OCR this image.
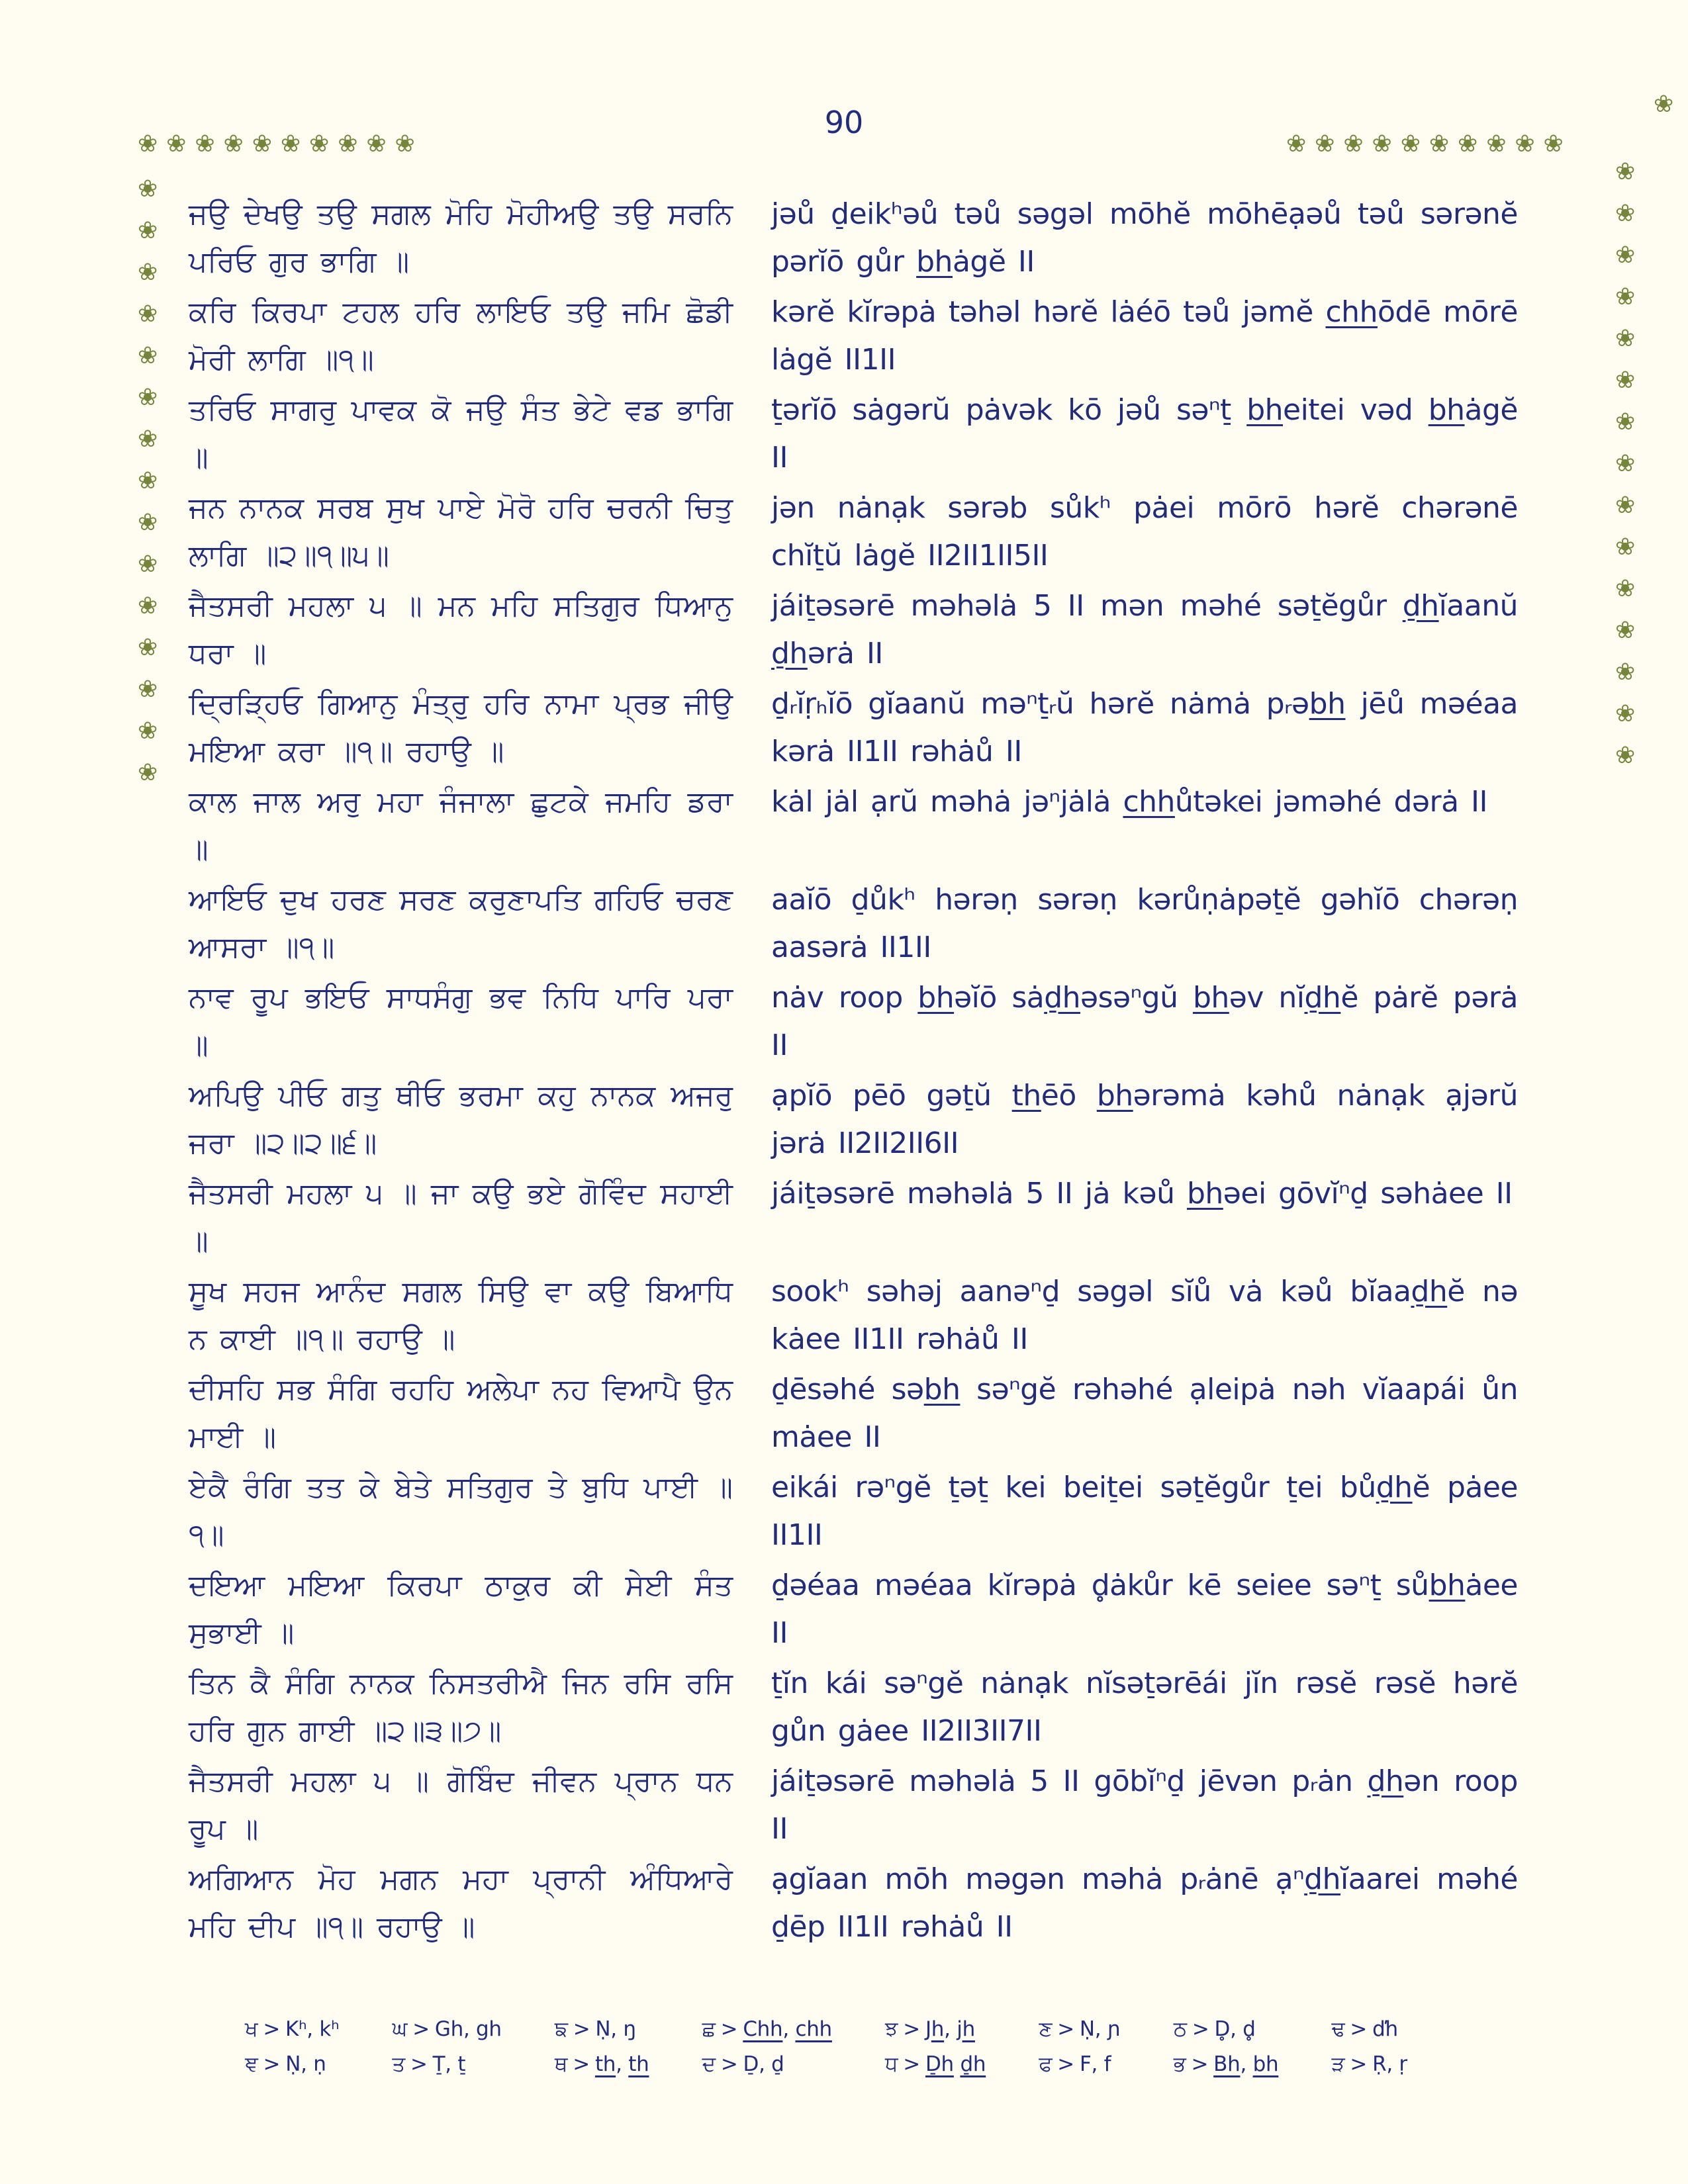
❀ ❀ ❀ ❀ ❀ ❀ ❀ ❀ ❀ ❀	❀ ❀ ❀ ❀ ❀ ❀ ❀ ❀ ❀ ❀
❀
❀
❀
❀
❀
❀
❀
❀
❀
❀
❀
❀
❀
❀
❀
❀
❀
❀
❀
❀
❀
❀
❀
❀
❀
❀
❀
❀
❀
❀
❀
90
ਜਉ ਦੇਖਉ ਤਉ ਸਗਲ ਮੋਹਿ ਮੋਹੀਅਉ ਤਉ ਸਰਨਿ ਪਰਿਓ ਗੁਰ ਭਾਗਿ ॥
jəů d̠eikʰəů təů səgəl mōhĕ mōhēạəů təů sərənĕ pərĭō gůr bhȧgĕ II
ਕਰਿ ਕਿਰਪਾ ਟਹਲ ਹਰਿ ਲਾਇਓ ਤਉ ਜਮਿ ਛੋਡੀ ਮੋਰੀ ਲਾਗਿ ॥੧॥
kərĕ kĭrəpȧ təhəl hərĕ lȧéō təů jəmĕ chhōdē mōrē lȧgĕ II1II
ਤਰਿਓ ਸਾਗਰੁ ਪਾਵਕ ਕੋ ਜਉ ਸੰਤ ਭੇਟੇ ਵਡ ਭਾਗਿ ॥
t̠ərĭō sȧgərŭ pȧvək kō jəů səⁿt̠ bheitei vəd bhȧgĕ II
ਜਨ ਨਾਨਕ ਸਰਬ ਸੁਖ ਪਾਏ ਮੋਰੋ ਹਰਿ ਚਰਨੀ ਚਿਤੁ ਲਾਗਿ ॥੨॥੧॥੫॥
jən nȧnạk sərəb sůkʰ pȧei mōrō hərĕ chərənē chĭt̠ŭ lȧgĕ II2II1II5II
ਜੈਤਸਰੀ ਮਹਲਾ ੫ ॥ ਮਨ ਮਹਿ ਸਤਿਗੁਰ ਧਿਆਨੁ ਧਰਾ ॥
jáit̠əsərē məhəlȧ 5 II mən məhé sət̠ĕgůr d̠hĭaanŭ d̠hərȧ II
ਦ੍ਰਿੜ੍ਹਿਓ ਗਿਆਨੁ ਮੰਤ੍ਰੁ ਹਰਿ ਨਾਮਾ ਪ੍ਰਭ ਜੀਉ ਮਇਆ ਕਰਾ ॥੧॥ ਰਹਾਉ ॥
d̠ᵣĭṛₕĭō gĭaanŭ məⁿt̠ᵣŭ hərĕ nȧmȧ pᵣəbh jēů məéaa kərȧ II1II rəhȧů II
ਕਾਲ ਜਾਲ ਅਰੁ ਮਹਾ ਜੰਜਾਲਾ ਛੁਟਕੇ ਜਮਹਿ ਡਰਾ ॥
kȧl jȧl ạrŭ məhȧ jəⁿjȧlȧ chhůtəkei jəməhé dərȧ II
ਆਇਓ ਦੁਖ ਹਰਣ ਸਰਣ ਕਰੁਣਾਪਤਿ ਗਹਿਓ ਚਰਣ ਆਸਰਾ ॥੧॥
aaĭō d̠ůkʰ hərəṇ sərəṇ kərůṇȧpət̠ĕ gəhĭō chərəṇ aasərȧ II1II
ਨਾਵ ਰੂਪ ਭਇਓ ਸਾਧਸੰਗੁ ਭਵ ਨਿਧਿ ਪਾਰਿ ਪਰਾ ॥
nȧv roop bhəĭō sȧd̠həsəⁿgŭ bhəv nĭd̠hĕ pȧrĕ pərȧ II
ਅਪਿਉ ਪੀਓ ਗਤੁ ਥੀਓ ਭਰਮਾ ਕਹੁ ਨਾਨਕ ਅਜਰੁ ਜਰਾ ॥੨॥੨॥੬॥
ạpĭō pēō gət̠ŭ thēō bhərəmȧ kəhů nȧnạk ạjərŭ jərȧ II2II2II6II
ਜੈਤਸਰੀ ਮਹਲਾ ੫ ॥ ਜਾ ਕਉ ਭਏ ਗੋਵਿੰਦ ਸਹਾਈ ॥
jáit̠əsərē məhəlȧ 5 II jȧ kəů bhəei gōvĭⁿd̠ səhȧee II
ਸੂਖ ਸਹਜ ਆਨੰਦ ਸਗਲ ਸਿਉ ਵਾ ਕਉ ਬਿਆਧਿ ਨ ਕਾਈ ॥੧॥ ਰਹਾਉ ॥
sookʰ səhəj aanəⁿd̠ səgəl sĭů vȧ kəů bĭaad̠hĕ nə kȧee II1II rəhȧů II
ਦੀਸਹਿ ਸਭ ਸੰਗਿ ਰਹਹਿ ਅਲੇਪਾ ਨਹ ਵਿਆਪੈ ਉਨ ਮਾਈ ॥
d̠ēsəhé səbh səⁿgĕ rəhəhé ạleipȧ nəh vĭaapái ůn mȧee II
ਏਕੈ ਰੰਗਿ ਤਤ ਕੇ ਬੇਤੇ ਸਤਿਗੁਰ ਤੇ ਬੁਧਿ ਪਾਈ ॥੧॥
eikái rəⁿgĕ t̠ət̠ kei beit̠ei sət̠ĕgůr t̠ei bůd̠hĕ pȧee II1II
ਦਇਆ ਮਇਆ ਕਿਰਪਾ ਠਾਕੁਰ ਕੀ ਸੇਈ ਸੰਤ ਸੁਭਾਈ ॥
d̠əéaa məéaa kĭrəpȧ d̥ȧkůr kē seiee səⁿt̠ sůbhȧee II
ਤਿਨ ਕੈ ਸੰਗਿ ਨਾਨਕ ਨਿਸਤਰੀਐ ਜਿਨ ਰਸਿ ਰਸਿ ਹਰਿ ਗੁਨ ਗਾਈ ॥੨॥੩॥੭॥
t̠ĭn kái səⁿgĕ nȧnạk nĭsət̠ərēái jĭn rəsĕ rəsĕ hərĕ gůn gȧee II2II3II7II
ਜੈਤਸਰੀ ਮਹਲਾ ੫ ॥ ਗੋਬਿੰਦ ਜੀਵਨ ਪ੍ਰਾਨ ਧਨ ਰੂਪ ॥
jáit̠əsərē məhəlȧ 5 II gōbĭⁿd̠ jēvən pᵣȧn d̠hən roop II
ਅਗਿਆਨ ਮੋਹ ਮਗਨ ਮਹਾ ਪ੍ਰਾਨੀ ਅੰਧਿਆਰੇ ਮਹਿ ਦੀਪ ॥੧॥ ਰਹਾਉ ॥
ạgĭaan mōh məgən məhȧ pᵣȧnē ạⁿd̠hĭaarei məhé d̠ēp II1II rəhȧů II
ਖ > Kʰ, kʰ	ਘ > Gh, gh	ਙ > Ṇ, ŋ	ਛ > Chh, chh	ਝ > Jh, jh	ਣ > Ṇ, ɲ	ਠ > D̥, d̥	ਢ > ďh
ਞ > Ṇ, ṇ	ਤ > T̠, t̠	ਥ > th, th	ਦ > D̠, d̠	ਧ > D̠h d̠h	ਫ > F, f	ਭ > Bh, bh	ੜ > Ṛ, ṛ
